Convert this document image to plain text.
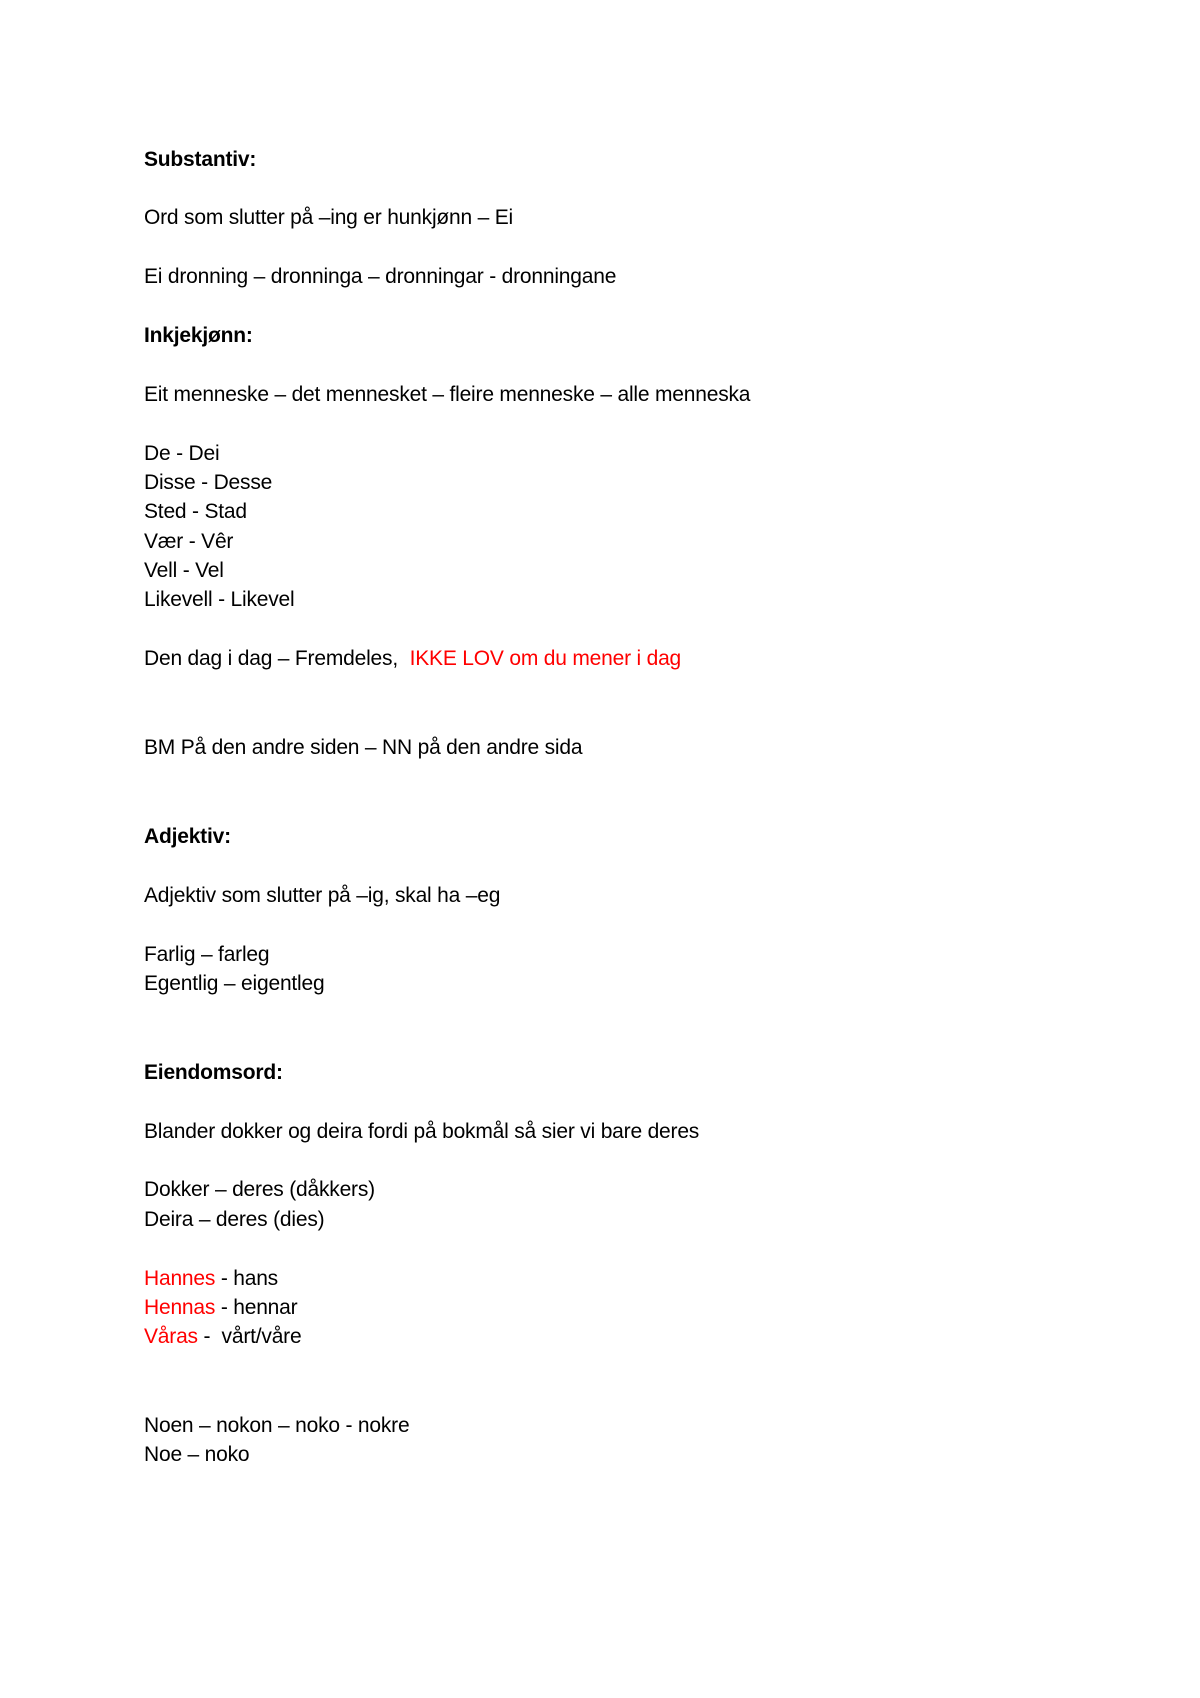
Substantiv:
Ord som slutter på –ing er hunkjønn – Ei
Ei dronning – dronninga – dronningar - dronningane
Inkjekjønn:
Eit menneske – det mennesket – fleire menneske – alle menneska
De - Dei
Disse - Desse
Sted - Stad
Vær - Vêr
Vell - Vel
Likevell - Likevel
Den dag i dag – Fremdeles, IKKE LOV om du mener i dag
BM På den andre siden – NN på den andre sida
Adjektiv:
Adjektiv som slutter på –ig, skal ha –eg
Farlig – farleg
Egentlig – eigentleg
Eiendomsord:
Blander dokker og deira fordi på bokmål så sier vi bare deres
Dokker – deres (dåkkers)
Deira – deres (dies)
Hannes - hans
Hennas - hennar
Våras -  vårt/våre
Noen – nokon – noko - nokre
Noe – noko
